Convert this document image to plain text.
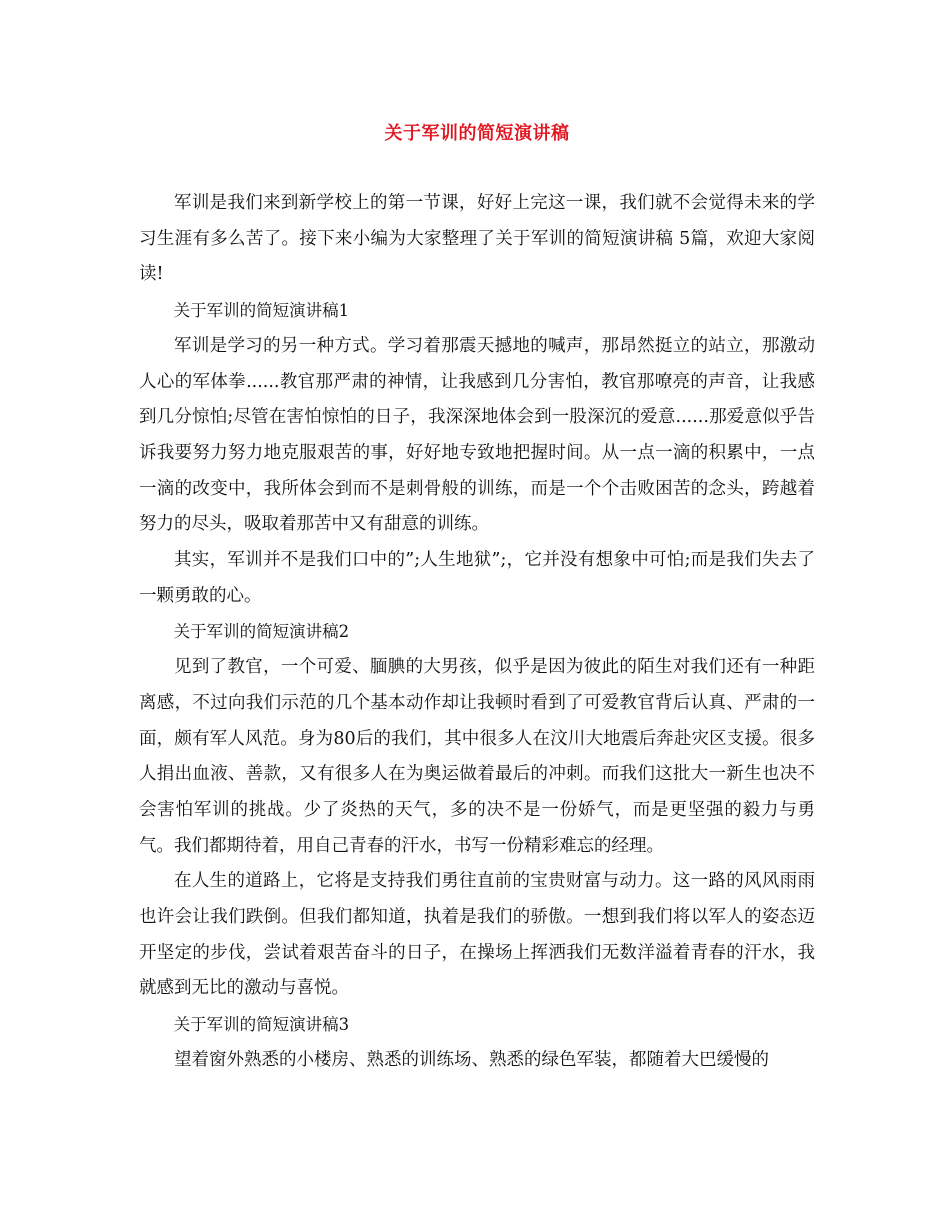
关于军训的简短演讲稿

军训是我们来到新学校上的第一节课，好好上完这一课，我们就不会觉得未来的学习生涯有多么苦了。接下来小编为大家整理了关于军训的简短演讲稿 5篇，欢迎大家阅读!

关于军训的简短演讲稿1

军训是学习的另一种方式。学习着那震天撼地的喊声，那昂然挺立的站立，那激动人心的军体拳......教官那严肃的神情，让我感到几分害怕，教官那嘹亮的声音，让我感到几分惊怕;尽管在害怕惊怕的日子，我深深地体会到一股深沉的爱意......那爱意似乎告诉我要努力努力地克服艰苦的事，好好地专致地把握时间。从一点一滴的积累中，一点一滴的改变中，我所体会到而不是刺骨般的训练，而是一个个击败困苦的念头，跨越着努力的尽头，吸取着那苦中又有甜意的训练。

其实，军训并不是我们口中的”;人生地狱”;，它并没有想象中可怕;而是我们失去了一颗勇敢的心。

关于军训的简短演讲稿2

见到了教官，一个可爱、腼腆的大男孩，似乎是因为彼此的陌生对我们还有一种距离感，不过向我们示范的几个基本动作却让我顿时看到了可爱教官背后认真、严肃的一面，颇有军人风范。身为80后的我们，其中很多人在汶川大地震后奔赴灾区支援。很多人捐出血液、善款，又有很多人在为奥运做着最后的冲刺。而我们这批大一新生也决不会害怕军训的挑战。少了炎热的天气，多的决不是一份娇气，而是更坚强的毅力与勇气。我们都期待着，用自己青春的汗水，书写一份精彩难忘的经理。

在人生的道路上，它将是支持我们勇往直前的宝贵财富与动力。这一路的风风雨雨也许会让我们跌倒。但我们都知道，执着是我们的骄傲。一想到我们将以军人的姿态迈开坚定的步伐，尝试着艰苦奋斗的日子，在操场上挥洒我们无数洋溢着青春的汗水，我就感到无比的激动与喜悦。

关于军训的简短演讲稿3

望着窗外熟悉的小楼房、熟悉的训练场、熟悉的绿色军装，都随着大巴缓慢的
